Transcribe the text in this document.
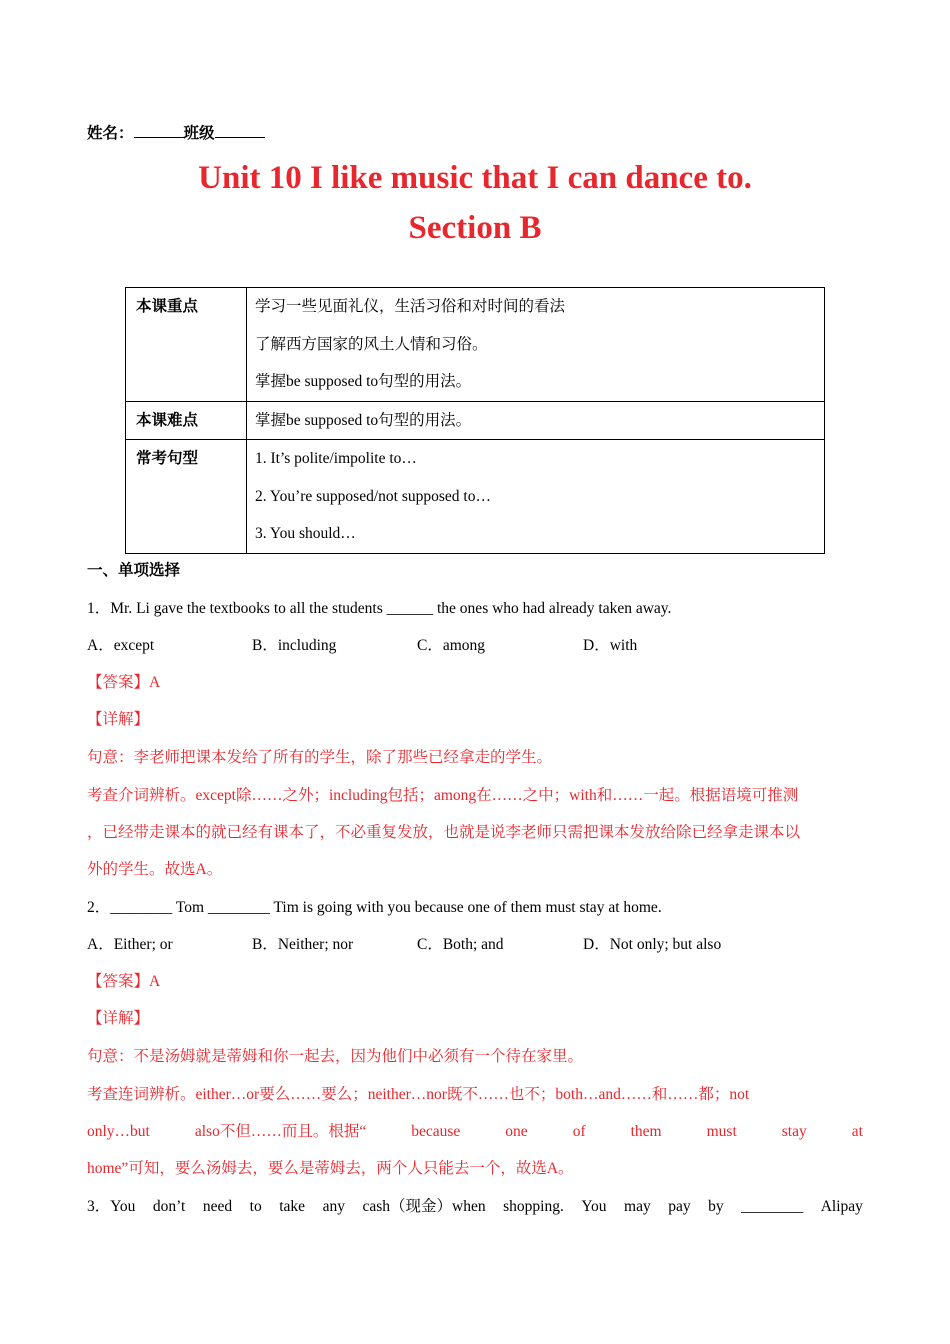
姓名：	班级
Unit 10 I like music that I can dance to.
Section B
本课重点	学习一些见面礼仪，生活习俗和对时间的看法
了解西方国家的风土人情和习俗。
掌握be supposed to句型的用法。

本课难点	掌握be supposed to句型的用法。

常考句型	1. It’s polite/impolite to…
2. You’re supposed/not supposed to…
3. You should…
一、单项选择
1．Mr. Li gave the textbooks to all the students ______ the ones who had already taken away.
A．except	B．including	C．among	D．with
【答案】A
【详解】
句意：李老师把课本发给了所有的学生，除了那些已经拿走的学生。
考查介词辨析。except除……之外；including包括；among在……之中；with和……一起。根据语境可推测
，已经带走课本的就已经有课本了，不必重复发放，也就是说李老师只需把课本发放给除已经拿走课本以
外的学生。故选A。
2．________ Tom ________ Tim is going with you because one of them must stay at home.
A．Either; or	B．Neither; nor	C．Both; and	D．Not only; but also
【答案】A
【详解】
句意：不是汤姆就是蒂姆和你一起去，因为他们中必须有一个待在家里。
考查连词辨析。either…or要么……要么；neither…nor既不……也不；both…and……和……都；not
only…but	also不但……而且。根据“	because	one	of	them	must	stay	at
home”可知，要么汤姆去，要么是蒂姆去，两个人只能去一个，故选A。
3．You don’t need to take any cash（现金）when shopping. You may pay by ________ Alipay
